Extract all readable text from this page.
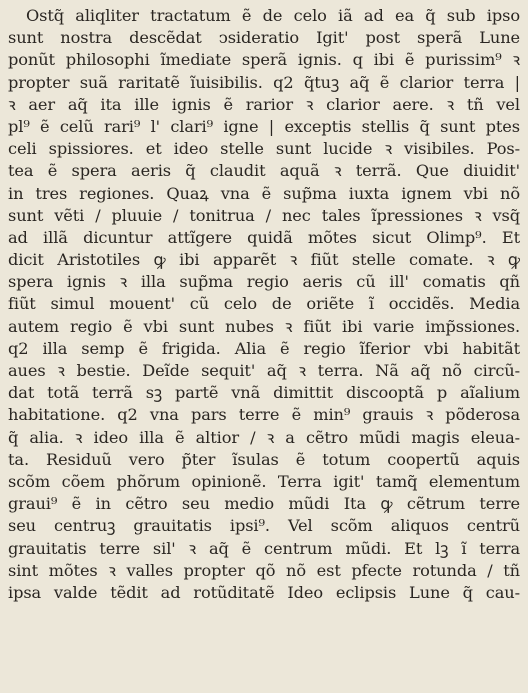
Ostq̃ aliqliter tractatum ẽ de celo iã ad ea q̃ sub ipso
sunt nostra descẽdat ↄsideratio Igit' post sperã Lune
ponũt philosophi ĩmediate sperã ignis. q ibi ẽ purissim⁹ ꝛ
propter suã raritatẽ ĩuisibilis. q2 q̃tuꝫ aq̃ ẽ clarior terra |
ꝛ aer aq̃ ita ille ignis ẽ rarior ꝛ clarior aere. ꝛ tñ vel
pl⁹ ẽ celũ rari⁹ l' clari⁹ igne | exceptis stellis q̃ sunt ptes
celi spissiores. et ideo stelle sunt lucide ꝛ visibiles. Pos-
tea ẽ spera aeris q̃ claudit aquã ꝛ terrã. Que diuidit'
in tres regiones. Quaꝝ vna ẽ sup̃ma iuxta ignem vbi nõ
sunt vẽti / pluuie / tonitrua / nec tales ĩpressiones ꝛ vsq̃
ad illã dicuntur attĩgere quidã mõtes sicut Olimp⁹. Et
dicit Aristotiles ꝙ ibi apparẽt ꝛ fiũt stelle comate. ꝛ ꝙ
spera ignis ꝛ illa sup̃ma regio aeris cũ ill' comatis qñ
fiũt simul mouent' cũ celo de oriẽte ĩ occidẽs. Media
autem regio ẽ vbi sunt nubes ꝛ fiũt ibi varie imp̃ssiones.
q2 illa semp ẽ frigida. Alia ẽ regio ĩferior vbi habitãt
aues ꝛ bestie. Deĩde sequit' aq̃ ꝛ terra. Nã aq̃ nõ circũ-
dat totã terrã sꝫ partẽ vnã dimittit discooptã p aĩalium
habitatione. q2 vna pars terre ẽ min⁹ grauis ꝛ põderosa
q̃ alia. ꝛ ideo illa ẽ altior / ꝛ a cẽtro mũdi magis eleua-
ta. Residuũ vero p̃ter ĩsulas ẽ totum coopertũ aquis
scõm cõem phõrum opinionẽ. Terra igit' tamq̃ elementum
graui⁹ ẽ in cẽtro seu medio mũdi Ita ꝙ cẽtrum terre
seu centruꝫ grauitatis ipsi⁹. Vel scõm aliquos centrũ
grauitatis terre sil' ꝛ aq̃ ẽ centrum mũdi. Et lꝫ ĩ terra
sint mõtes ꝛ valles propter qõ nõ est pfecte rotunda / tñ
ipsa valde tẽdit ad rotũditatẽ Ideo eclipsis Lune q̃ cau-
